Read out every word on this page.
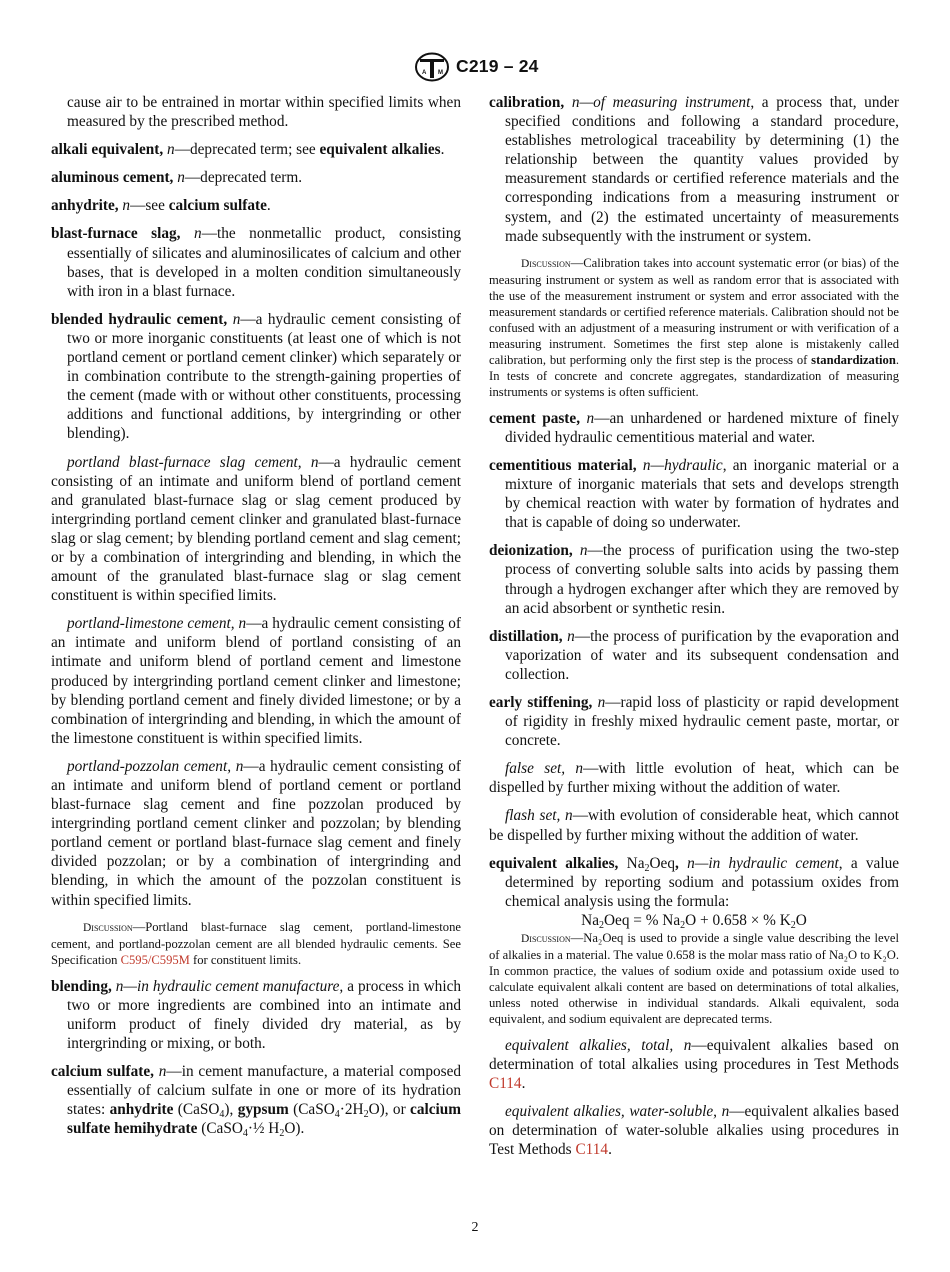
A M C219 – 24

cause air to be entrained in mortar within specified limits when measured by the prescribed method.

alkali equivalent, n—deprecated term; see equivalent alkalies.

aluminous cement, n—deprecated term.

anhydrite, n—see calcium sulfate.

blast-furnace slag, n—the nonmetallic product, consisting essentially of silicates and aluminosilicates of calcium and other bases, that is developed in a molten condition simultaneously with iron in a blast furnace.

blended hydraulic cement, n—a hydraulic cement consisting of two or more inorganic constituents (at least one of which is not portland cement or portland cement clinker) which separately or in combination contribute to the strength-gaining properties of the cement (made with or without other constituents, processing additions and functional additions, by intergrinding or other blending).

portland blast-furnace slag cement, n—a hydraulic cement consisting of an intimate and uniform blend of portland cement and granulated blast-furnace slag or slag cement produced by intergrinding portland cement clinker and granulated blast-furnace slag or slag cement; by blending portland cement and slag cement; or by a combination of intergrinding and blending, in which the amount of the granulated blast-furnace slag or slag cement constituent is within specified limits.

portland-limestone cement, n—a hydraulic cement consisting of an intimate and uniform blend of portland consisting of an intimate and uniform blend of portland cement and limestone produced by intergrinding portland cement clinker and limestone; by blending portland cement and finely divided limestone; or by a combination of intergrinding and blending, in which the amount of the limestone constituent is within specified limits.

portland-pozzolan cement, n—a hydraulic cement consisting of an intimate and uniform blend of portland cement or portland blast-furnace slag cement and fine pozzolan produced by intergrinding portland cement clinker and pozzolan; by blending portland cement or portland blast-furnace slag cement and finely divided pozzolan; or by a combination of intergrinding and blending, in which the amount of the pozzolan constituent is within specified limits.

Discussion—Portland blast-furnace slag cement, portland-limestone cement, and portland-pozzolan cement are all blended hydraulic cements. See Specification C595/C595M for constituent limits.

blending, n—in hydraulic cement manufacture, a process in which two or more ingredients are combined into an intimate and uniform product of finely divided dry material, as by intergrinding or mixing, or both.

calcium sulfate, n—in cement manufacture, a material composed essentially of calcium sulfate in one or more of its hydration states: anhydrite (CaSO$_4$), gypsum $(CaSO_4\cdot 2H_2O)$, or calcium sulfate hemihydrate (CaSO$_4$·½ $H_2O$).

calibration, n—of measuring instrument, a process that, under specified conditions and following a standard procedure, establishes metrological traceability by determining (1) the relationship between the quantity values provided by measurement standards or certified reference materials and the corresponding indications from a measuring instrument or system, and (2) the estimated uncertainty of measurements made subsequently with the instrument or system.

Discussion—Calibration takes into account systematic error (or bias) of the measuring instrument or system as well as random error that is associated with the use of the measurement instrument or system and error associated with the measurement standards or certified reference materials. Calibration should not be confused with an adjustment of a measuring instrument or with verification of a measuring instrument. Sometimes the first step alone is mistakenly called calibration, but performing only the first step is the process of standardization. In tests of concrete and concrete aggregates, standardization of measuring instruments or systems is often sufficient.

cement paste, n—an unhardened or hardened mixture of finely divided hydraulic cementitious material and water.

cementitious material, n—hydraulic, an inorganic material or a mixture of inorganic materials that sets and develops strength by chemical reaction with water by formation of hydrates and that is capable of doing so underwater.

deionization, n—the process of purification using the two-step process of converting soluble salts into acids by passing them through a hydrogen exchanger after which they are removed by an acid absorbent or synthetic resin.

distillation, n—the process of purification by the evaporation and vaporization of water and its subsequent condensation and collection.

early stiffening, n—rapid loss of plasticity or rapid development of rigidity in freshly mixed hydraulic cement paste, mortar, or concrete.

false set, n—with little evolution of heat, which can be dispelled by further mixing without the addition of water.

flash set, n—with evolution of considerable heat, which cannot be dispelled by further mixing without the addition of water.

equivalent alkalies, $Na_2Oeq$, n—in hydraulic cement, a value determined by reporting sodium and potassium oxides from chemical analysis using the formula:

$Na_2Oeq$ = % $Na_2O + 0.658$ × % $K_2O$

Discussion—Na₂Oeq is used to provide a single value describing the level of alkalies in a material. The value 0.658 is the molar mass ratio of Na₂O to K₂O. In common practice, the values of sodium oxide and potassium oxide used to calculate equivalent alkali content are based on determinations of total alkalies, unless noted otherwise in individual standards. Alkali equivalent, soda equivalent, and sodium equivalent are deprecated terms.

equivalent alkalies, total, n—equivalent alkalies based on determination of total alkalies using procedures in Test Methods C114.

equivalent alkalies, water-soluble, n—equivalent alkalies based on determination of water-soluble alkalies using procedures in Test Methods C114.

2
